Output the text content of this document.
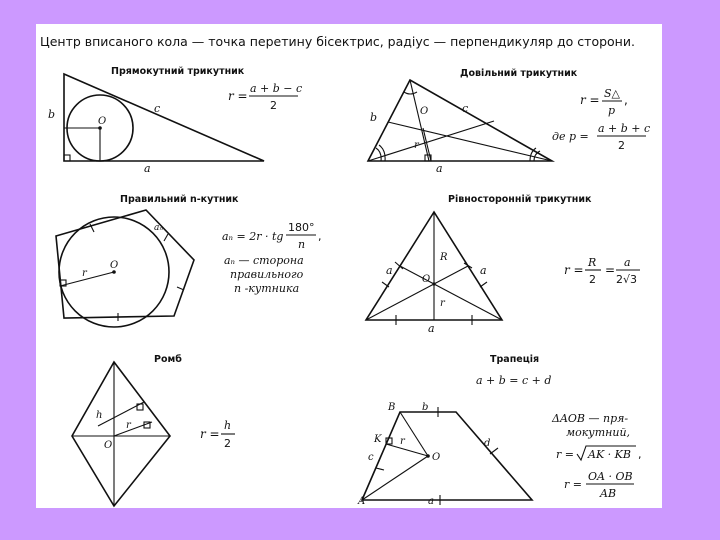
Центр вписаного кола — точка перетину бісектрис, радіус — перпендикуляр до сторони.
Прямокутний трикутник
b	c
a
O
r =
a + b − c
2
Довільний трикутник
O
b
c
r
a
r = S△
p
,
де p =
a + b + c
2
Правильний n-кутник
aₙ
r
O
aₙ = 2r · tg
180°
n
,
aₙ — сторона
правильного
n -кутника
Рівносторонній трикутник
R
a	a
O
r
a
r =
R
2
=
a
2√3
Ромб
h
r
O
r =
h
2
Трапеція
a + b = c + d
B	b
K r
c	O
d
A	a
ΔAOB — пря-
мокутний,
r = AK · KB ,
r =
OA · OB
AB
